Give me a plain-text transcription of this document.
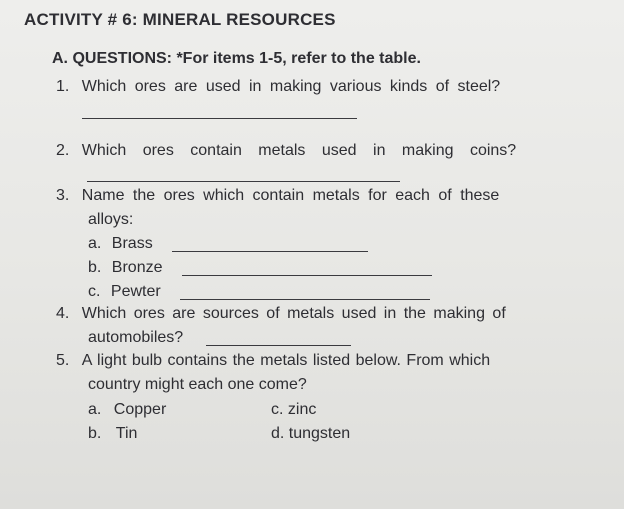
ACTIVITY # 6: MINERAL RESOURCES
A. QUESTIONS: *For items 1-5, refer to the table.
1. Which ores are used in making various kinds of steel?
2. Which ores contain metals used in making coins?
3. Name the ores which contain metals for each of these
alloys:
a. Brass
b. Bronze
c. Pewter
4. Which ores are sources of metals used in the making of
automobiles?
5. A light bulb contains the metals listed below. From which
country might each one come?
a. Copper	c. zinc
b. Tin	d. tungsten
